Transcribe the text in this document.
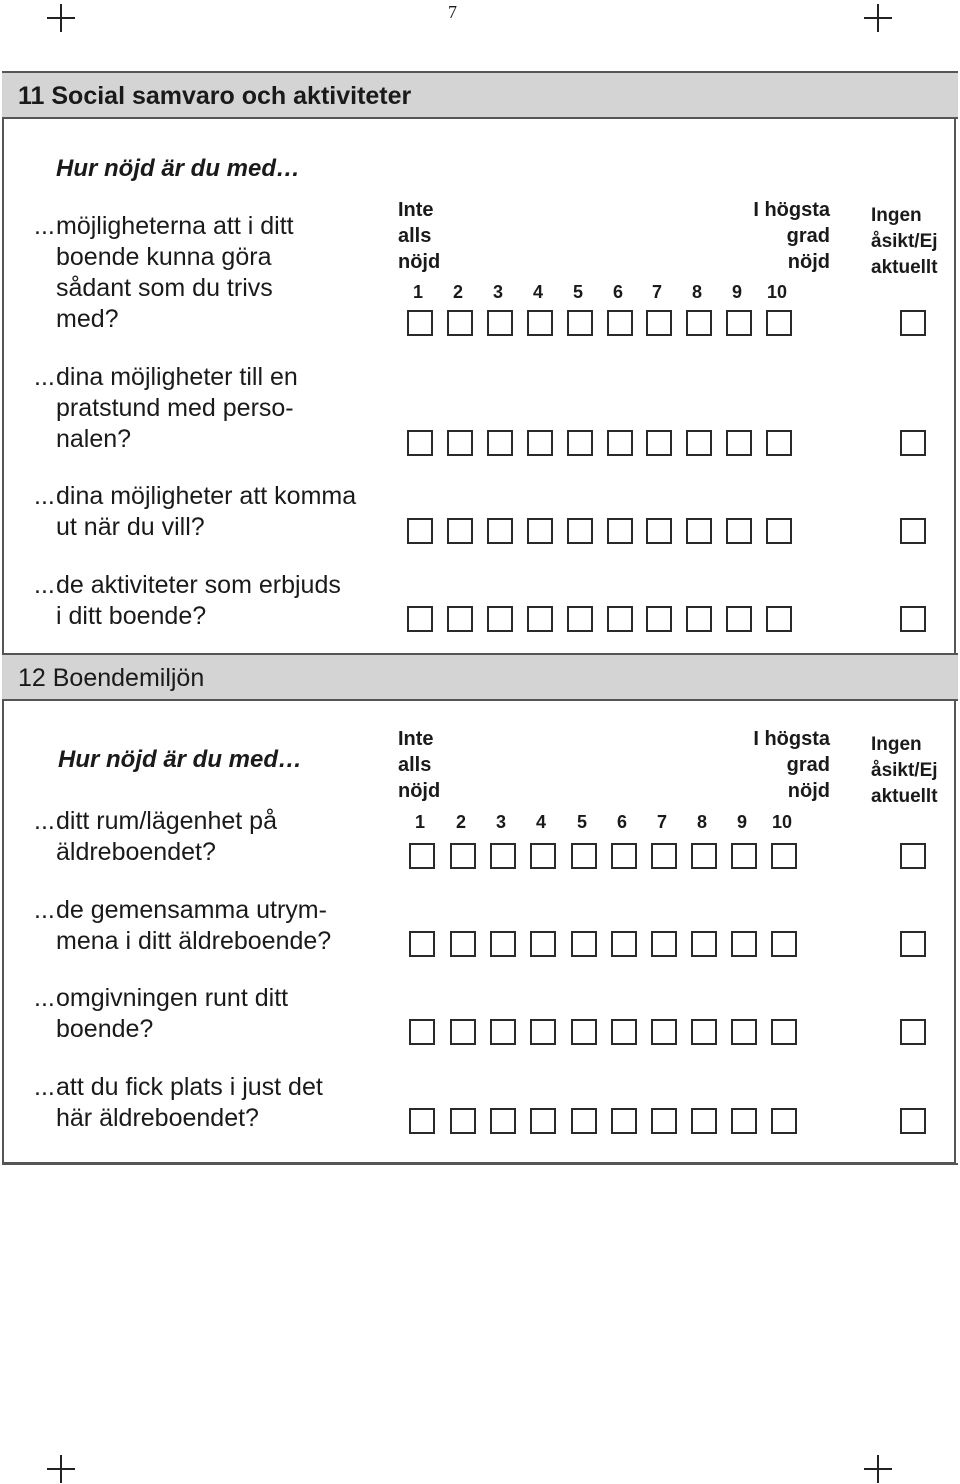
7
11 Social samvaro och aktiviteter
Hur nöjd är du med…
Inte
alls
nöjd
I högsta
grad
nöjd
Ingen
åsikt/Ej
aktuellt
1	2	3	4	5	6	7	8	9	10
... möjligheterna att i ditt
boende kunna göra
sådant som du trivs
med?
... dina möjligheter till en
pratstund med perso-
nalen?
... dina möjligheter att komma
ut när du vill?
... de aktiviteter som erbjuds
i ditt boende?
12 Boendemiljön
Hur nöjd är du med…
Inte
alls
nöjd
I högsta
grad
nöjd
Ingen
åsikt/Ej
aktuellt
1	2	3	4	5	6	7	8	9	10
... ditt rum/lägenhet på
äldreboendet?
... de gemensamma utrym-
mena i ditt äldreboende?
... omgivningen runt ditt
boende?
... att du fick plats i just det
här äldreboendet?
